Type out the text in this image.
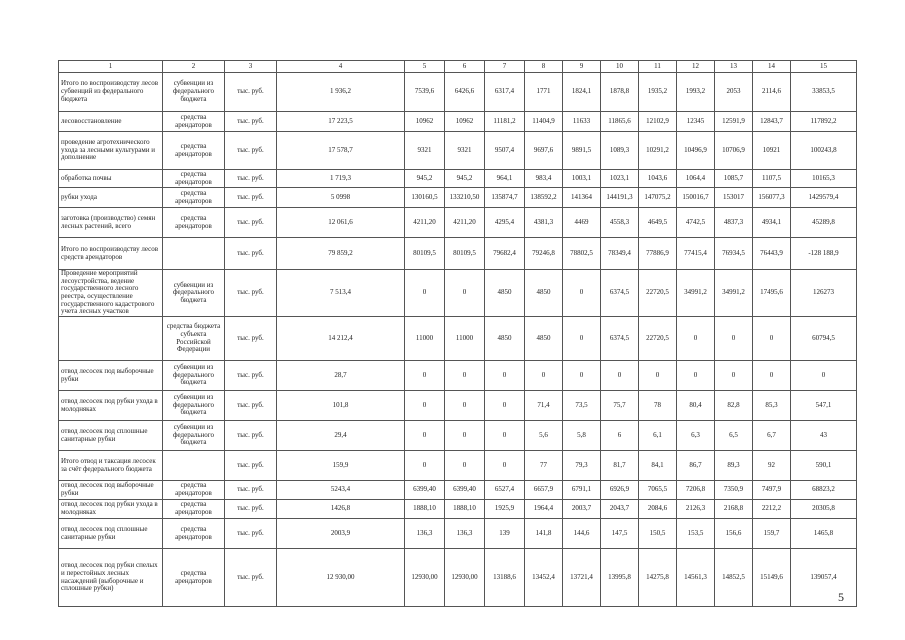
1	2	3	4	5	6	7	8	9	10	11	12	13	14	15
Итого по воспроизводству лесов субвенций из федерального бюджета	субвенции из федерального бюджета	тыс. руб.	1 936,2	7539,6	6426,6	6317,4	1771	1824,1	1878,8	1935,2	1993,2	2053	2114,6	33853,5
лесовосстановление	средства арендаторов	тыс. руб.	17 223,5	10962	10962	11181,2	11404,9	11633	11865,6	12102,9	12345	12591,9	12843,7	117892,2
проведение агротехнического ухода за лесными культурами и дополнение	средства арендаторов	тыс. руб.	17 578,7	9321	9321	9507,4	9697,6	9891,5	1089,3	10291,2	10496,9	10706,9	10921	100243,8
обработка почвы	средства арендаторов	тыс. руб.	1 719,3	945,2	945,2	964,1	983,4	1003,1	1023,1	1043,6	1064,4	1085,7	1107,5	10165,3
рубки ухода	средства арендаторов	тыс. руб.	5 0998	130160,5	133210,50	135874,7	138592,2	141364	144191,3	147075,2	150016,7	153017	156077,3	1429579,4
заготовка (производство) семян лесных растений, всего	средства арендаторов	тыс. руб.	12 061,6	4211,20	4211,20	4295,4	4381,3	4469	4558,3	4649,5	4742,5	4837,3	4934,1	45289,8
Итого по воспроизводству лесов средств арендаторов		тыс. руб.	79 859,2	80109,5	80109,5	79682,4	79246,8	78802,5	78349,4	77886,9	77415,4	76934,5	76443,9	-128 188,9
Проведение мероприятий лесоустройства, ведение государственного лесного реестра, осуществление государственного кадастрового учета лесных участков	субвенции из федерального бюджета	тыс. руб.	7 513,4	0	0	4850	4850	0	6374,5	22720,5	34991,2	34991,2	17495,6	126273
	средства бюджета субъекта Российской Федерации	тыс. руб.	14 212,4	11000	11000	4850	4850	0	6374,5	22720,5	0	0	0	60794,5
отвод лесосек под выборочные рубки	субвенции из федерального бюджета	тыс. руб.	28,7	0	0	0	0	0	0	0	0	0	0	0
отвод лесосек под рубки ухода в молодняках	субвенции из федерального бюджета	тыс. руб.	101,8	0	0	0	71,4	73,5	75,7	78	80,4	82,8	85,3	547,1
отвод лесосек под сплошные санитарные рубки	субвенции из федерального бюджета	тыс. руб.	29,4	0	0	0	5,6	5,8	6	6,1	6,3	6,5	6,7	43
Итого отвод и таксация лесосек за счёт федерального бюджета		тыс. руб.	159,9	0	0	0	77	79,3	81,7	84,1	86,7	89,3	92	590,1
отвод лесосек под выборочные рубки	средства арендаторов	тыс. руб.	5243,4	6399,40	6399,40	6527,4	6657,9	6791,1	6926,9	7065,5	7206,8	7350,9	7497,9	68823,2
отвод лесосек под рубки ухода в молодняках	средства арендаторов	тыс. руб.	1426,8	1888,10	1888,10	1925,9	1964,4	2003,7	2043,7	2084,6	2126,3	2168,8	2212,2	20305,8
отвод лесосек под сплошные санитарные рубки	средства арендаторов	тыс. руб.	2003,9	136,3	136,3	139	141,8	144,6	147,5	150,5	153,5	156,6	159,7	1465,8
отвод лесосек под рубки спелых и перестойных лесных насаждений (выборочные и сплошные рубки)	средства арендаторов	тыс. руб.	12 930,00	12930,00	12930,00	13188,6	13452,4	13721,4	13995,8	14275,8	14561,3	14852,5	15149,6	139057,4
5
